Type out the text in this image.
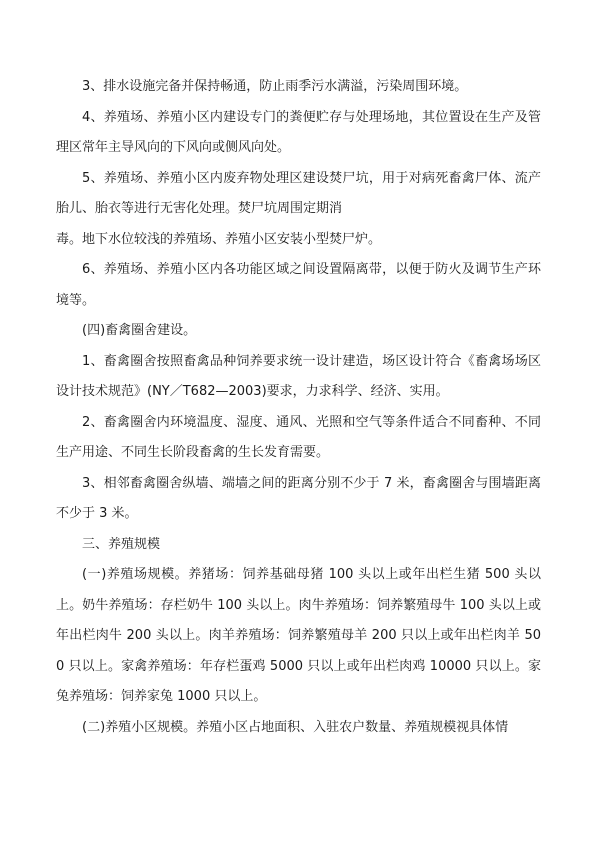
3、排水设施完备并保持畅通，防止雨季污水满溢，污染周围环境。

4、养殖场、养殖小区内建设专门的粪便贮存与处理场地，其位置设在生产及管理区常年主导风向的下风向或侧风向处。

5、养殖场、养殖小区内废弃物处理区建设焚尸坑，用于对病死畜禽尸体、流产胎儿、胎衣等进行无害化处理。焚尸坑周围定期消

毒。地下水位较浅的养殖场、养殖小区安装小型焚尸炉。

6、养殖场、养殖小区内各功能区域之间设置隔离带，以便于防火及调节生产环境等。

(四)畜禽圈舍建设。

1、畜禽圈舍按照畜禽品种饲养要求统一设计建造，场区设计符合《畜禽场场区设计技术规范》(NY／T682—2003)要求，力求科学、经济、实用。

2、畜禽圈舍内环境温度、湿度、通风、光照和空气等条件适合不同畜种、不同生产用途、不同生长阶段畜禽的生长发育需要。

3、相邻畜禽圈舍纵墙、端墙之间的距离分别不少于 7 米，畜禽圈舍与围墙距离不少于 3 米。

三、养殖规模

(一)养殖场规模。养猪场：饲养基础母猪 100 头以上或年出栏生猪 500 头以上。奶牛养殖场：存栏奶牛 100 头以上。肉牛养殖场：饲养繁殖母牛 100 头以上或年出栏肉牛 200 头以上。肉羊养殖场：饲养繁殖母羊 200 只以上或年出栏肉羊 500 只以上。家禽养殖场：年存栏蛋鸡 5000 只以上或年出栏肉鸡 10000 只以上。家兔养殖场：饲养家兔 1000 只以上。

(二)养殖小区规模。养殖小区占地面积、入驻农户数量、养殖规模视具体情
